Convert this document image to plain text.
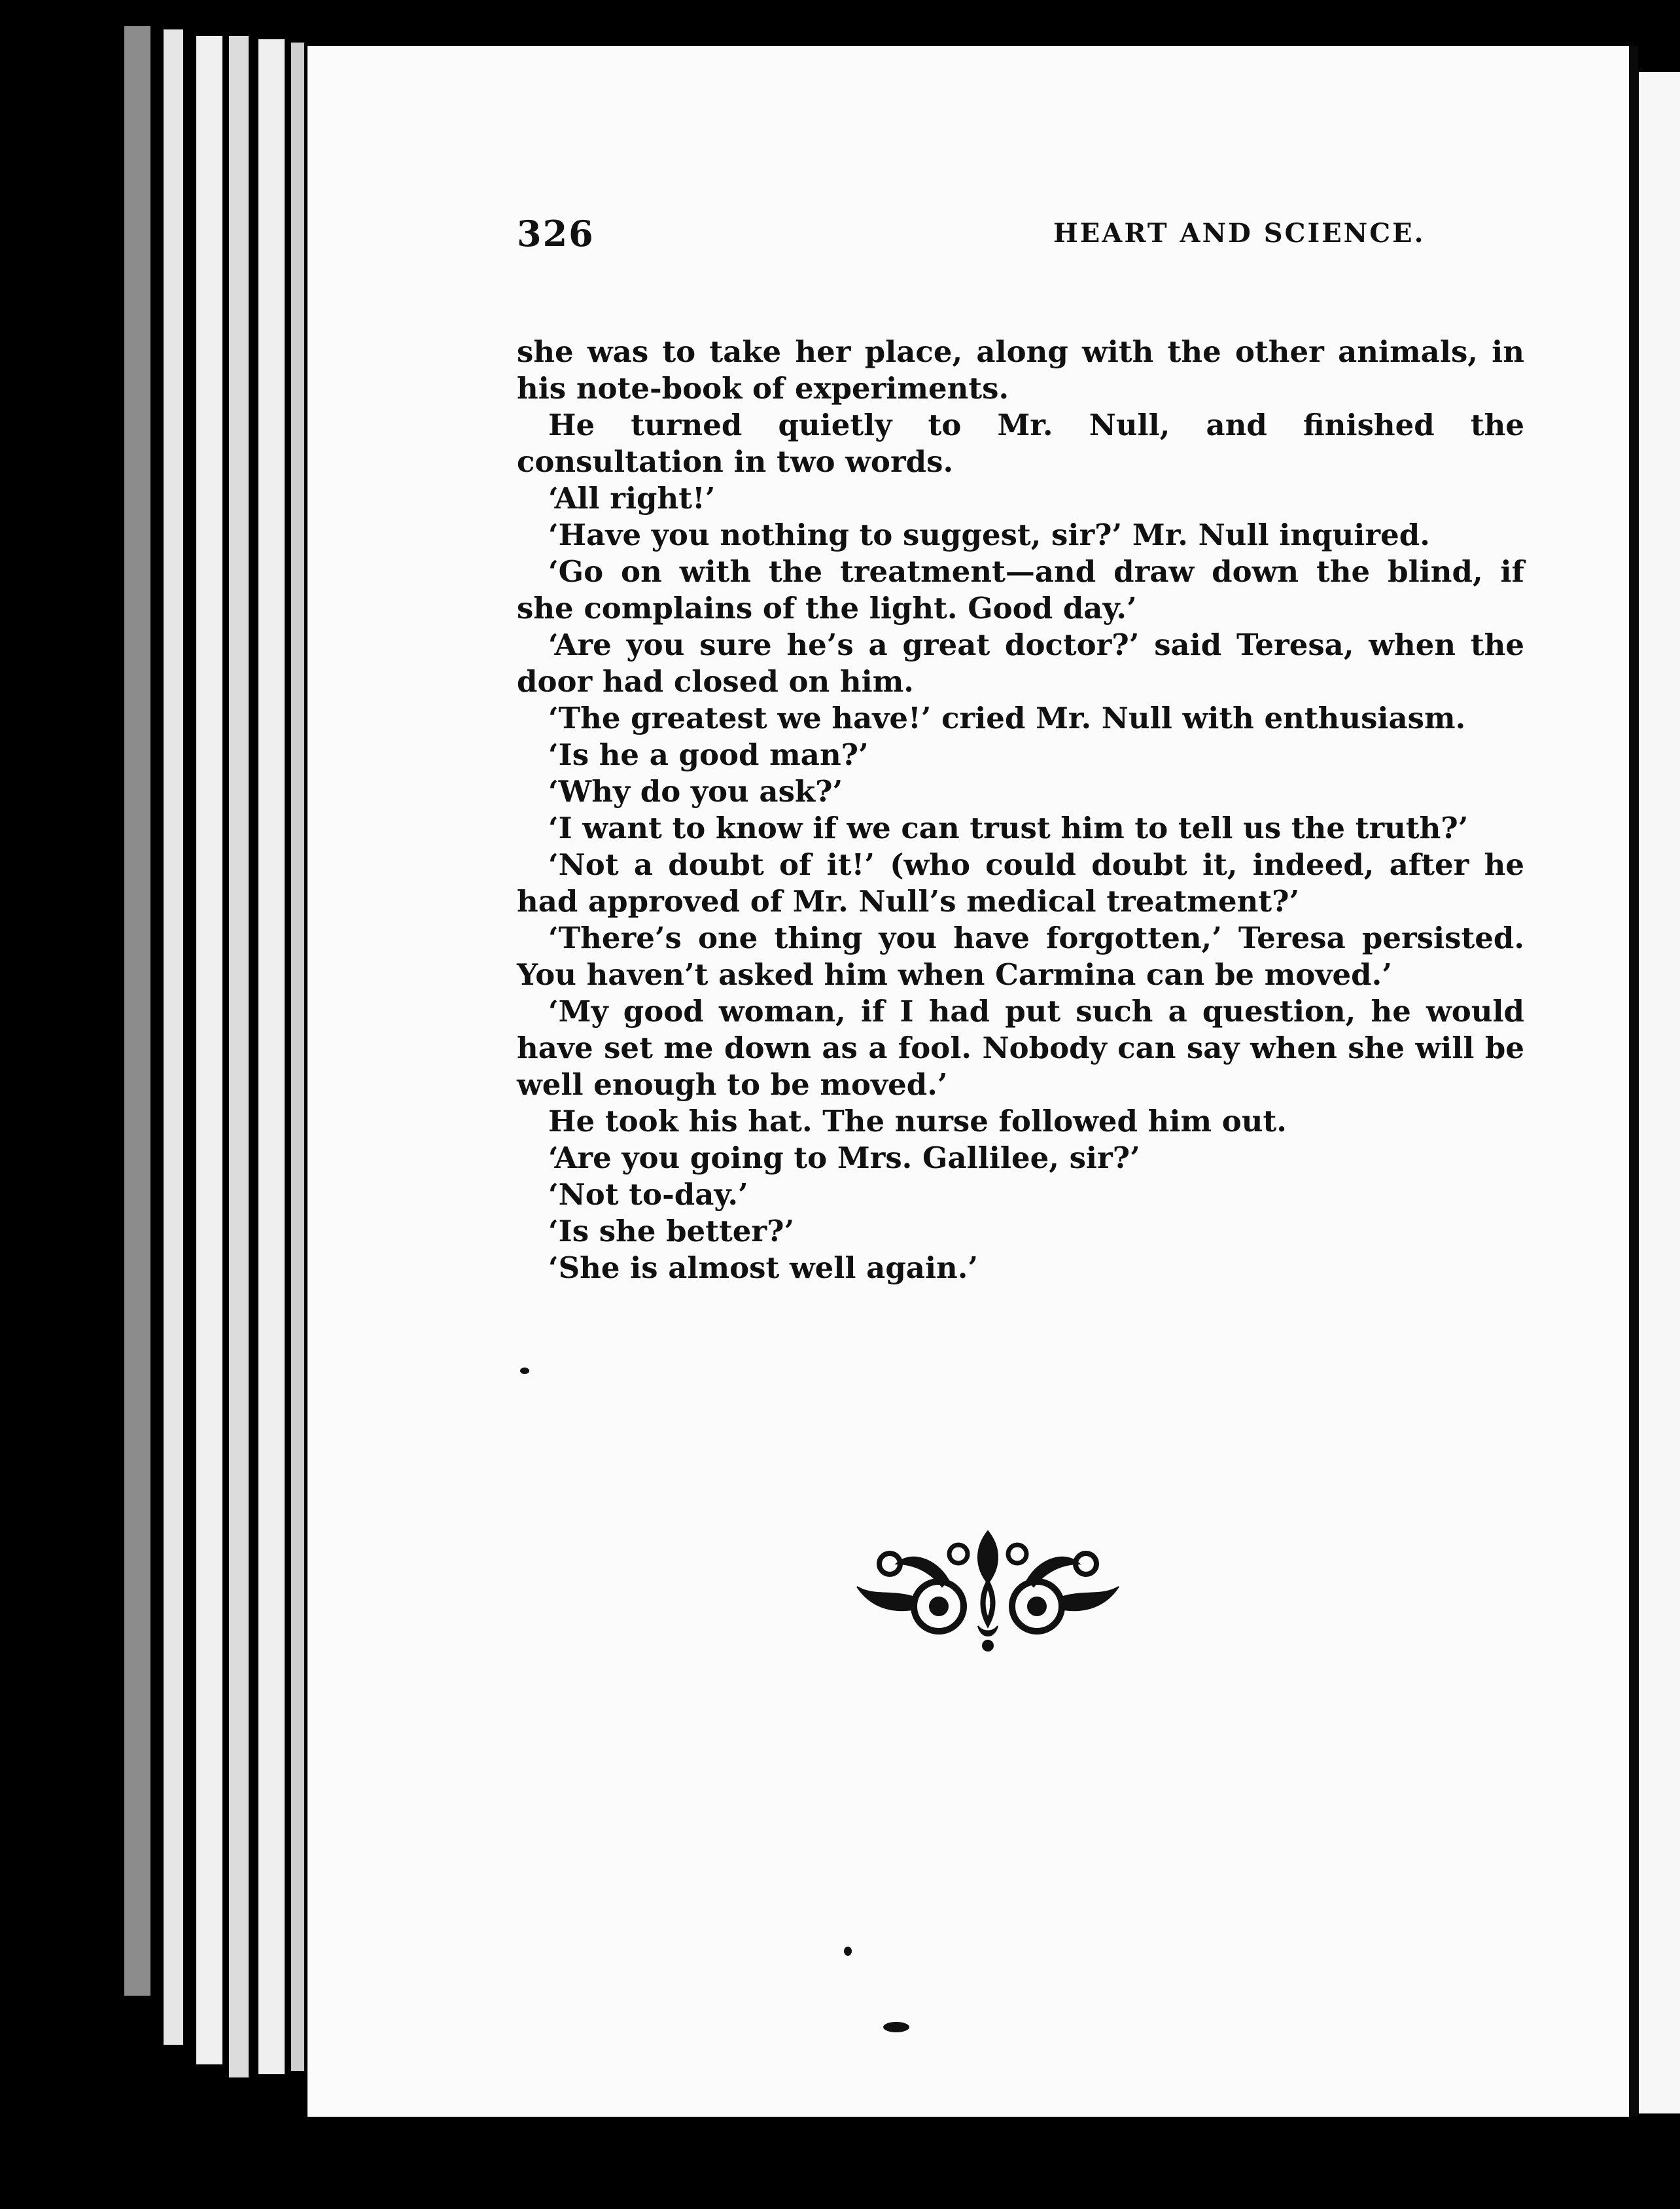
326	HEART AND SCIENCE.

she was to take her place, along with the other animals, in his note-book of experiments.

He turned quietly to Mr. Null, and finished the consultation in two words.

‘All right!’

‘Have you nothing to suggest, sir?’ Mr. Null inquired.

‘Go on with the treatment—and draw down the blind, if she complains of the light. Good day.’

‘Are you sure he’s a great doctor?’ said Teresa, when the door had closed on him.

‘The greatest we have!’ cried Mr. Null with enthusiasm.

‘Is he a good man?’

‘Why do you ask?’

‘I want to know if we can trust him to tell us the truth?’

‘Not a doubt of it!’ (who could doubt it, indeed, after he had approved of Mr. Null’s medical treatment?’

‘There’s one thing you have forgotten,’ Teresa persisted. You haven’t asked him when Carmina can be moved.’

‘My good woman, if I had put such a question, he would have set me down as a fool. Nobody can say when she will be well enough to be moved.’

He took his hat. The nurse followed him out.

‘Are you going to Mrs. Gallilee, sir?’

‘Not to-day.’

‘Is she better?’

‘She is almost well again.’
